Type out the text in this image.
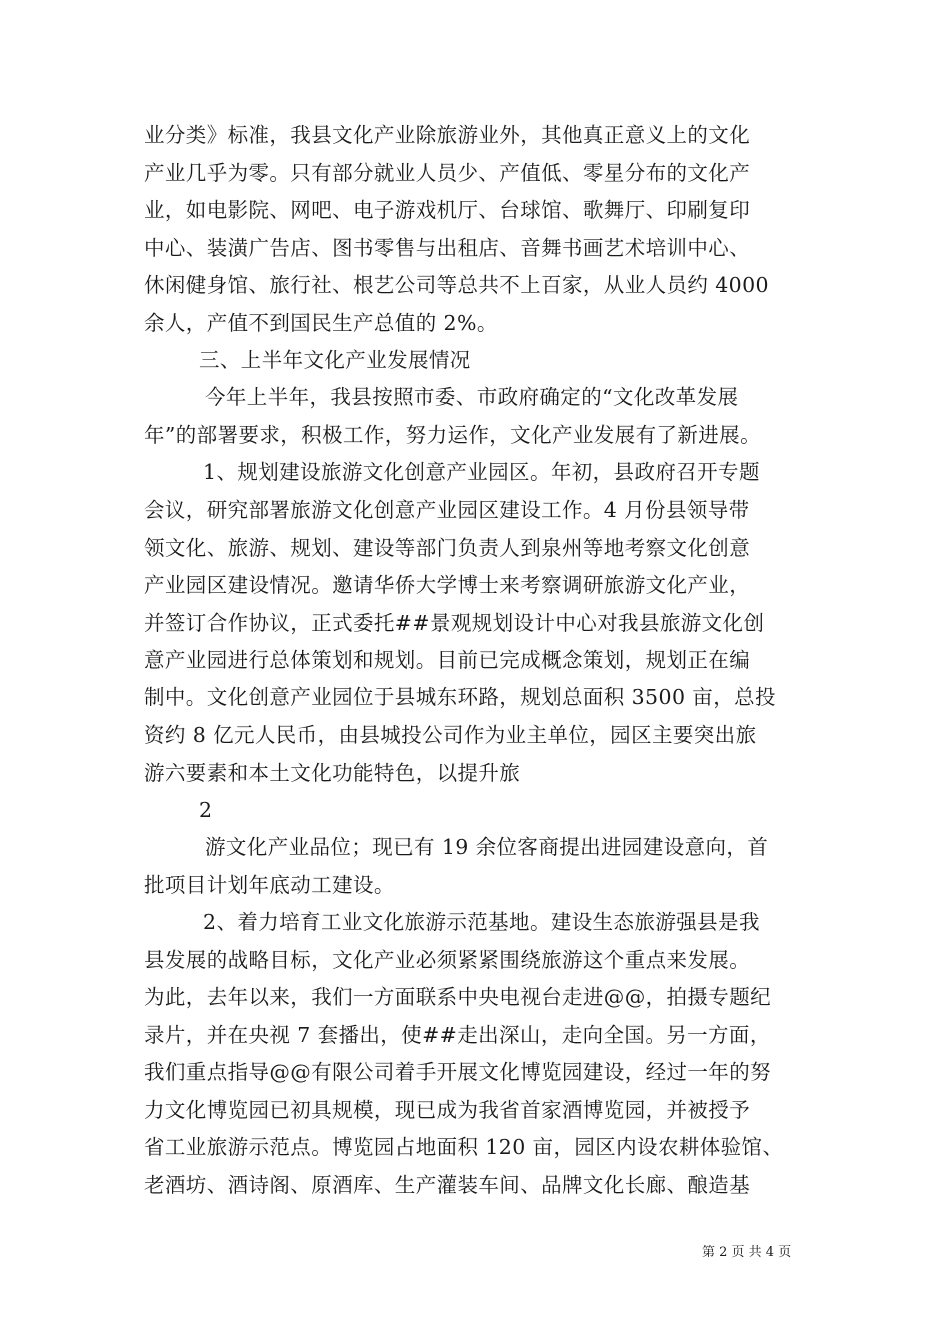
业分类》标准，我县文化产业除旅游业外，其他真正意义上的文化
产业几乎为零。只有部分就业人员少、产值低、零星分布的文化产
业，如电影院、网吧、电子游戏机厅、台球馆、歌舞厅、印刷复印
中心、装潢广告店、图书零售与出租店、音舞书画艺术培训中心、
休闲健身馆、旅行社、根艺公司等总共不上百家，从业人员约 4000
余人，产值不到国民生产总值的 2%。
三、上半年文化产业发展情况
今年上半年，我县按照市委、市政府确定的“文化改革发展
年”的部署要求，积极工作，努力运作，文化产业发展有了新进展。
1、规划建设旅游文化创意产业园区。年初，县政府召开专题
会议，研究部署旅游文化创意产业园区建设工作。4 月份县领导带
领文化、旅游、规划、建设等部门负责人到泉州等地考察文化创意
产业园区建设情况。邀请华侨大学博士来考察调研旅游文化产业，
并签订合作协议，正式委托##景观规划设计中心对我县旅游文化创
意产业园进行总体策划和规划。目前已完成概念策划，规划正在编
制中。文化创意产业园位于县城东环路，规划总面积 3500 亩，总投
资约 8 亿元人民币，由县城投公司作为业主单位，园区主要突出旅
游六要素和本土文化功能特色，以提升旅
2
游文化产业品位；现已有 19 余位客商提出进园建设意向，首
批项目计划年底动工建设。
2、着力培育工业文化旅游示范基地。建设生态旅游强县是我
县发展的战略目标，文化产业必须紧紧围绕旅游这个重点来发展。
为此，去年以来，我们一方面联系中央电视台走进@@，拍摄专题纪
录片，并在央视 7 套播出，使##走出深山，走向全国。另一方面，
我们重点指导@@有限公司着手开展文化博览园建设，经过一年的努
力文化博览园已初具规模，现已成为我省首家酒博览园，并被授予
省工业旅游示范点。博览园占地面积 120 亩，园区内设农耕体验馆、
老酒坊、酒诗阁、原酒库、生产灌装车间、品牌文化长廊、酿造基
第 2 页 共 4 页
